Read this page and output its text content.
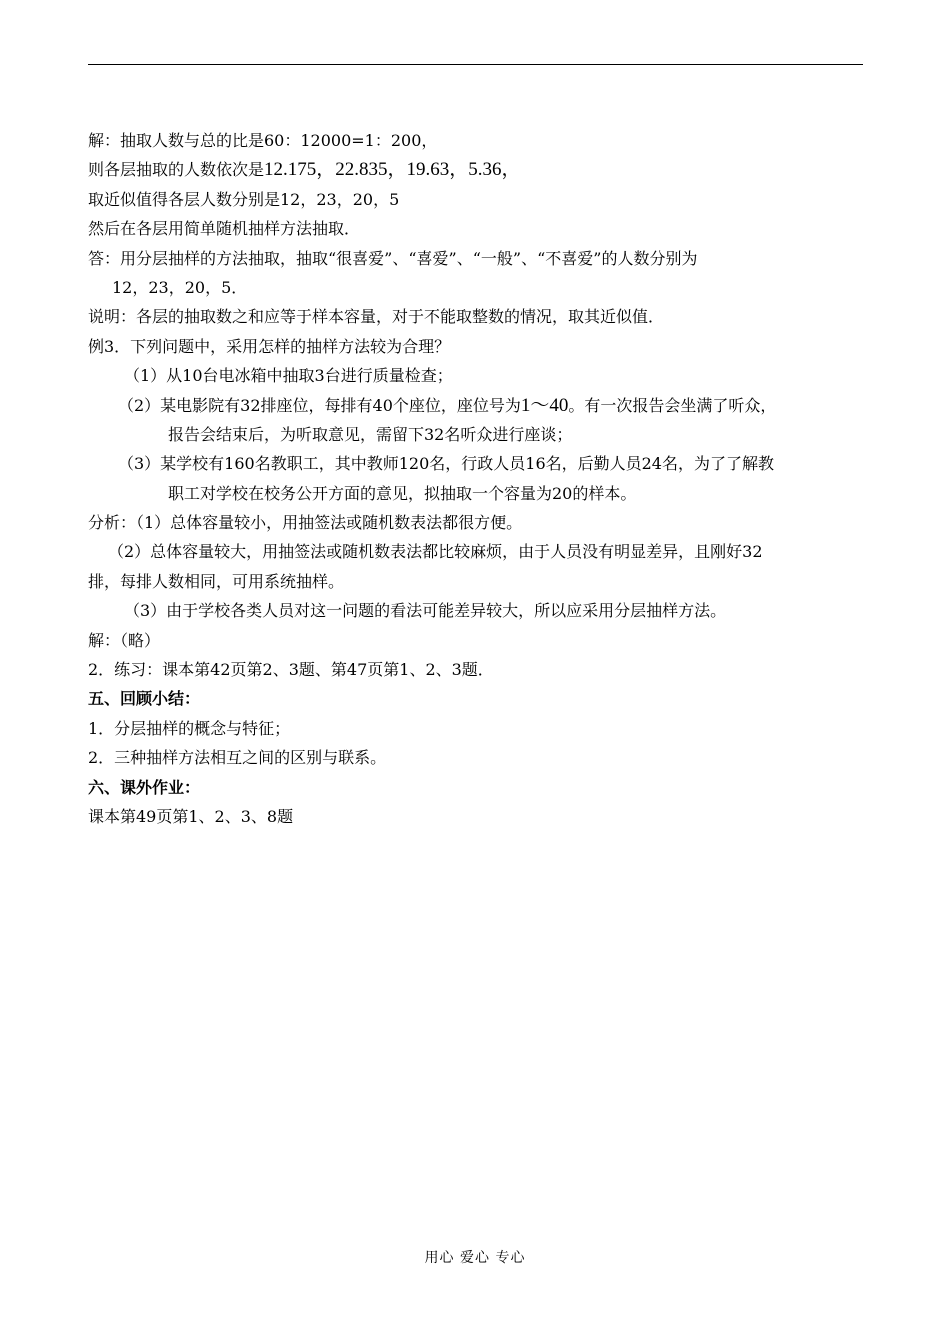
解：抽取人数与总的比是60：12000=1：200，
则各层抽取的人数依次是12.175，22.835，19.63，5.36，
取近似值得各层人数分别是12，23，20，5
然后在各层用简单随机抽样方法抽取．
答：用分层抽样的方法抽取，抽取“很喜爱”、“喜爱”、“一般”、“不喜爱”的人数分别为
12，23，20，5．
说明：各层的抽取数之和应等于样本容量，对于不能取整数的情况，取其近似值．
例3．下列问题中，采用怎样的抽样方法较为合理？
（1）从10台电冰箱中抽取3台进行质量检查；
（2）某电影院有32排座位，每排有40个座位，座位号为1～40。有一次报告会坐满了听众，
报告会结束后，为听取意见，需留下32名听众进行座谈；
（3）某学校有160名教职工，其中教师120名，行政人员16名，后勤人员24名，为了了解教
职工对学校在校务公开方面的意见，拟抽取一个容量为20的样本。
分析：（1）总体容量较小，用抽签法或随机数表法都很方便。
（2）总体容量较大，用抽签法或随机数表法都比较麻烦，由于人员没有明显差异，且刚好32
排，每排人数相同，可用系统抽样。
（3）由于学校各类人员对这一问题的看法可能差异较大，所以应采用分层抽样方法。
解：（略）
2．练习：课本第42页第2、3题、第47页第1、2、3题．
五、回顾小结：
1．分层抽样的概念与特征；
2．三种抽样方法相互之间的区别与联系。
六、课外作业：
课本第49页第1、2、3、8题
用心 爱心 专心
